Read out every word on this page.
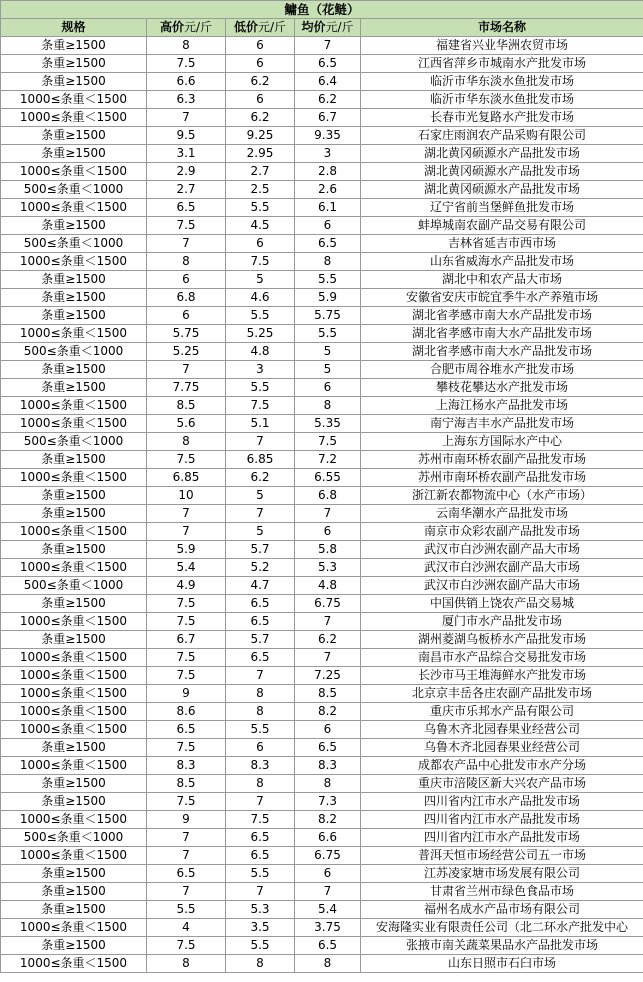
鳙鱼（花鲢）				
规格	高价元/斤	低价元/斤	均价元/斤	市场名称
条重≥1500	8	6	7	福建省兴业华洲农贸市场
条重≥1500	7.5	6	6.5	江西省萍乡市城南水产批发市场
条重≥1500	6.6	6.2	6.4	临沂市华东淡水鱼批发市场
1000≤条重＜1500	6.3	6	6.2	临沂市华东淡水鱼批发市场
1000≤条重＜1500	7	6.2	6.7	长春市光复路水产批发市场
条重≥1500	9.5	9.25	9.35	石家庄雨润农产品采购有限公司
条重≥1500	3.1	2.95	3	湖北黄冈硕源水产品批发市场
1000≤条重＜1500	2.9	2.7	2.8	湖北黄冈硕源水产品批发市场
500≤条重＜1000	2.7	2.5	2.6	湖北黄冈硕源水产品批发市场
1000≤条重＜1500	6.5	5.5	6.1	辽宁省前当堡鲜鱼批发市场
条重≥1500	7.5	4.5	6	蚌埠城南农副产品交易有限公司
500≤条重＜1000	7	6	6.5	吉林省延吉市西市场
1000≤条重＜1500	8	7.5	8	山东省威海水产品批发市场
条重≥1500	6	5	5.5	湖北中和农产品大市场
条重≥1500	6.8	4.6	5.9	安徽省安庆市皖宜季牛水产养殖市场
条重≥1500	6	5.5	5.75	湖北省孝感市南大水产品批发市场
1000≤条重＜1500	5.75	5.25	5.5	湖北省孝感市南大水产品批发市场
500≤条重＜1000	5.25	4.8	5	湖北省孝感市南大水产品批发市场
条重≥1500	7	3	5	合肥市周谷堆水产批发市场
条重≥1500	7.75	5.5	6	攀枝花攀达水产批发市场
1000≤条重＜1500	8.5	7.5	8	上海江杨水产品批发市场
1000≤条重＜1500	5.6	5.1	5.35	南宁海吉丰水产品批发市场
500≤条重＜1000	8	7	7.5	上海东方国际水产中心
条重≥1500	7.5	6.85	7.2	苏州市南环桥农副产品批发市场
1000≤条重＜1500	6.85	6.2	6.55	苏州市南环桥农副产品批发市场
条重≥1500	10	5	6.8	浙江新农都物流中心（水产市场）
条重≥1500	7	7	7	云南华潮水产品批发市场
1000≤条重＜1500	7	5	6	南京市众彩农副产品批发市场
条重≥1500	5.9	5.7	5.8	武汉市白沙洲农副产品大市场
1000≤条重＜1500	5.4	5.2	5.3	武汉市白沙洲农副产品大市场
500≤条重＜1000	4.9	4.7	4.8	武汉市白沙洲农副产品大市场
条重≥1500	7.5	6.5	6.75	中国供销上饶农产品交易城
1000≤条重＜1500	7.5	6.5	7	厦门市水产品批发市场
条重≥1500	6.7	5.7	6.2	湖州菱湖乌板桥水产品批发市场
1000≤条重＜1500	7.5	6.5	7	南昌市水产品综合交易批发市场
1000≤条重＜1500	7.5	7	7.25	长沙市马王堆海鲜水产批发市场
1000≤条重＜1500	9	8	8.5	北京京丰岳各庄农副产品批发市场
1000≤条重＜1500	8.6	8	8.2	重庆市乐邦水产品有限公司
1000≤条重＜1500	6.5	5.5	6	乌鲁木齐北园春果业经营公司
条重≥1500	7.5	6	6.5	乌鲁木齐北园春果业经营公司
1000≤条重＜1500	8.3	8.3	8.3	成都农产品中心批发市水产分场
条重≥1500	8.5	8	8	重庆市涪陵区新大兴农产品市场
条重≥1500	7.5	7	7.3	四川省内江市水产品批发市场
1000≤条重＜1500	9	7.5	8.2	四川省内江市水产品批发市场
500≤条重＜1000	7	6.5	6.6	四川省内江市水产品批发市场
1000≤条重＜1500	7	6.5	6.75	普洱天恒市场经营公司五一市场
条重≥1500	6.5	5.5	6	江苏凌家塘市场发展有限公司
条重≥1500	7	7	7	甘肃省兰州市绿色食品市场
条重≥1500	5.5	5.3	5.4	福州名成水产品市场有限公司
1000≤条重＜1500	4	3.5	3.75	安海隆实业有限责任公司（北二环水产批发中心
条重≥1500	7.5	5.5	6.5	张掖市南关蔬菜果品水产品批发市场
1000≤条重＜1500	8	8	8	山东日照市石臼市场
